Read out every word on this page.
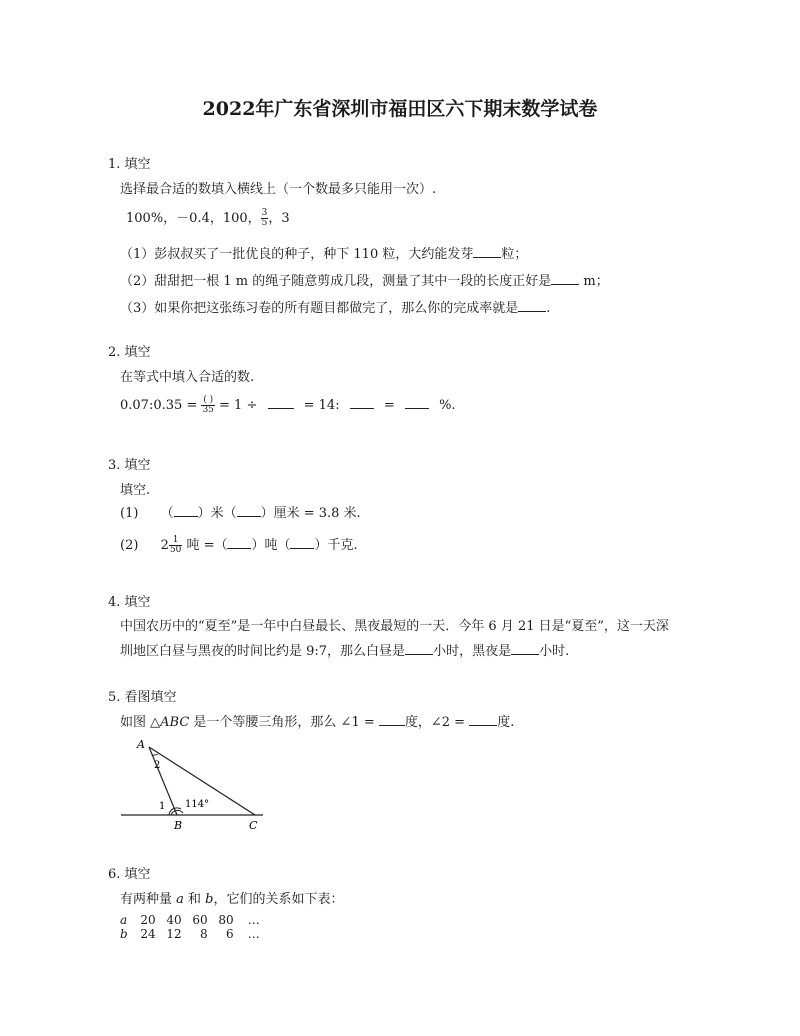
2022年广东省深圳市福田区六下期末数学试卷
1. 填空
选择最合适的数填入横线上（一个数最多只能用一次）.
100%，－0.4，100， $\frac{3}{5}$ ，3
（1）彭叔叔买了一批优良的种子，种下 110 粒，大约能发芽 粒；
（2）甜甜把一根 1 m 的绳子随意剪成几段，测量了其中一段的长度正好是 m；
（3）如果你把这张练习卷的所有题目都做完了，那么你的完成率就是 .
2. 填空
在等式中填入合适的数.
0.07:0.35 = $\frac{( )}{35} = 1$ ÷	= 14:	=	%.
3. 填空
填空.
(1) （ ）米（ ）厘米 = 3.8 米.
(2) $2 \frac{1}{50}$ 吨 =（ ）吨（ ）千克.
4. 填空
中国农历中的“夏至”是一年中白昼最长、黑夜最短的一天．今年 6 月 21 日是“夏至”，这一天深
圳地区白昼与黑夜的时间比约是 9:7，那么白昼是 小时，黑夜是 小时.
5. 看图填空
如图 △ABC 是一个等腰三角形，那么 ∠1 = 度，∠2 = 度.
A
B	C
1
2
114°
6. 填空
有两种量 a 和 b，它们的关系如下表：
a	20	40	60	80	…
b	24	12	8	6	…
